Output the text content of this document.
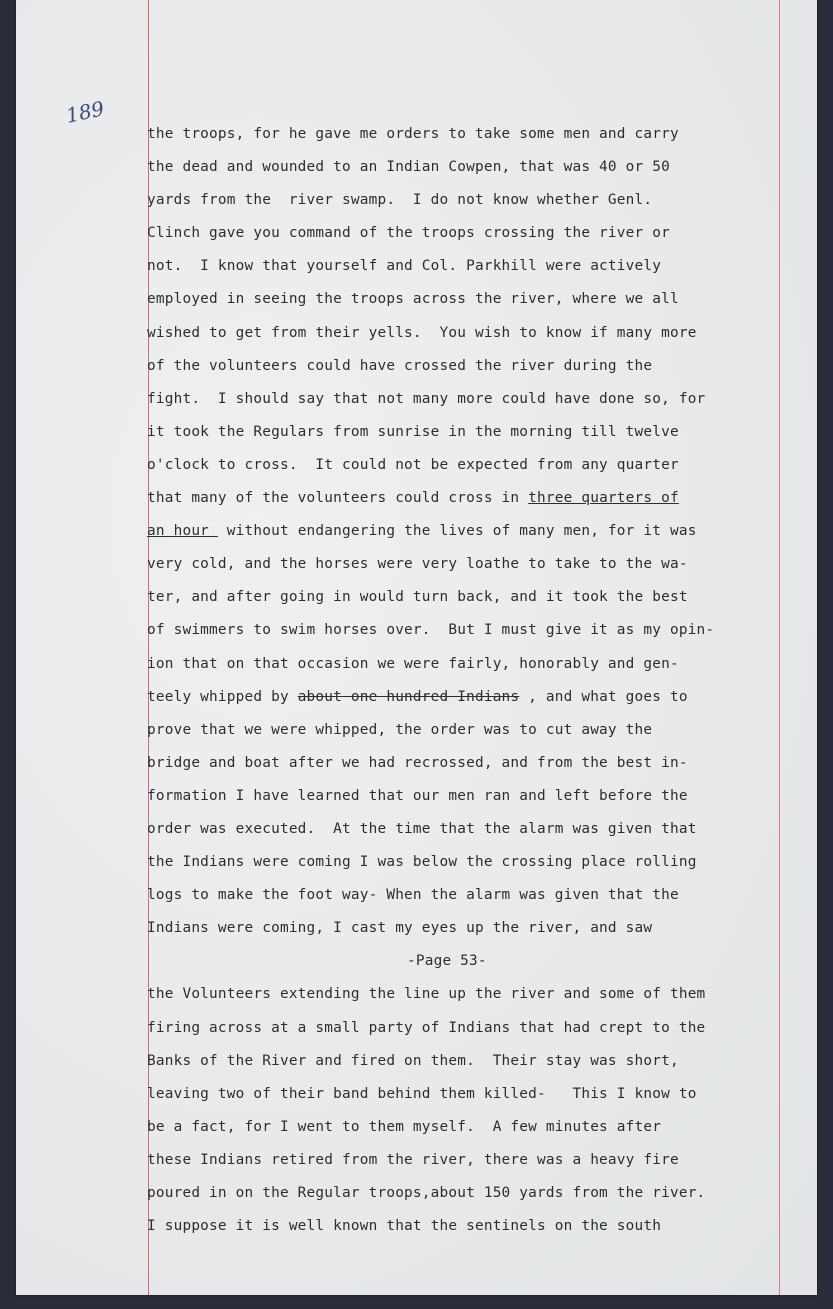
189
the troops, for he gave me orders to take some men and carry
the dead and wounded to an Indian Cowpen, that was 40 or 50
yards from the  river swamp.  I do not know whether Genl.
Clinch gave you command of the troops crossing the river or
not.  I know that yourself and Col. Parkhill were actively
employed in seeing the troops across the river, where we all
wished to get from their yells.  You wish to know if many more
of the volunteers could have crossed the river during the
fight.  I should say that not many more could have done so, for
it took the Regulars from sunrise in the morning till twelve
o'clock to cross.  It could not be expected from any quarter
that many of the volunteers could cross in three quarters of
an hour  without endangering the lives of many men, for it was
very cold, and the horses were very loathe to take to the wa-
ter, and after going in would turn back, and it took the best
of swimmers to swim horses over.  But I must give it as my opin-
ion that on that occasion we were fairly, honorably and gen-
teely whipped by about one hundred Indians , and what goes to
prove that we were whipped, the order was to cut away the
bridge and boat after we had recrossed, and from the best in-
formation I have learned that our men ran and left before the
order was executed.  At the time that the alarm was given that
the Indians were coming I was below the crossing place rolling
logs to make the foot way- When the alarm was given that the
Indians were coming, I cast my eyes up the river, and saw
-Page 53-
the Volunteers extending the line up the river and some of them
firing across at a small party of Indians that had crept to the
Banks of the River and fired on them.  Their stay was short,
leaving two of their band behind them killed-   This I know to
be a fact, for I went to them myself.  A few minutes after
these Indians retired from the river, there was a heavy fire
poured in on the Regular troops,about 150 yards from the river.
I suppose it is well known that the sentinels on the south
